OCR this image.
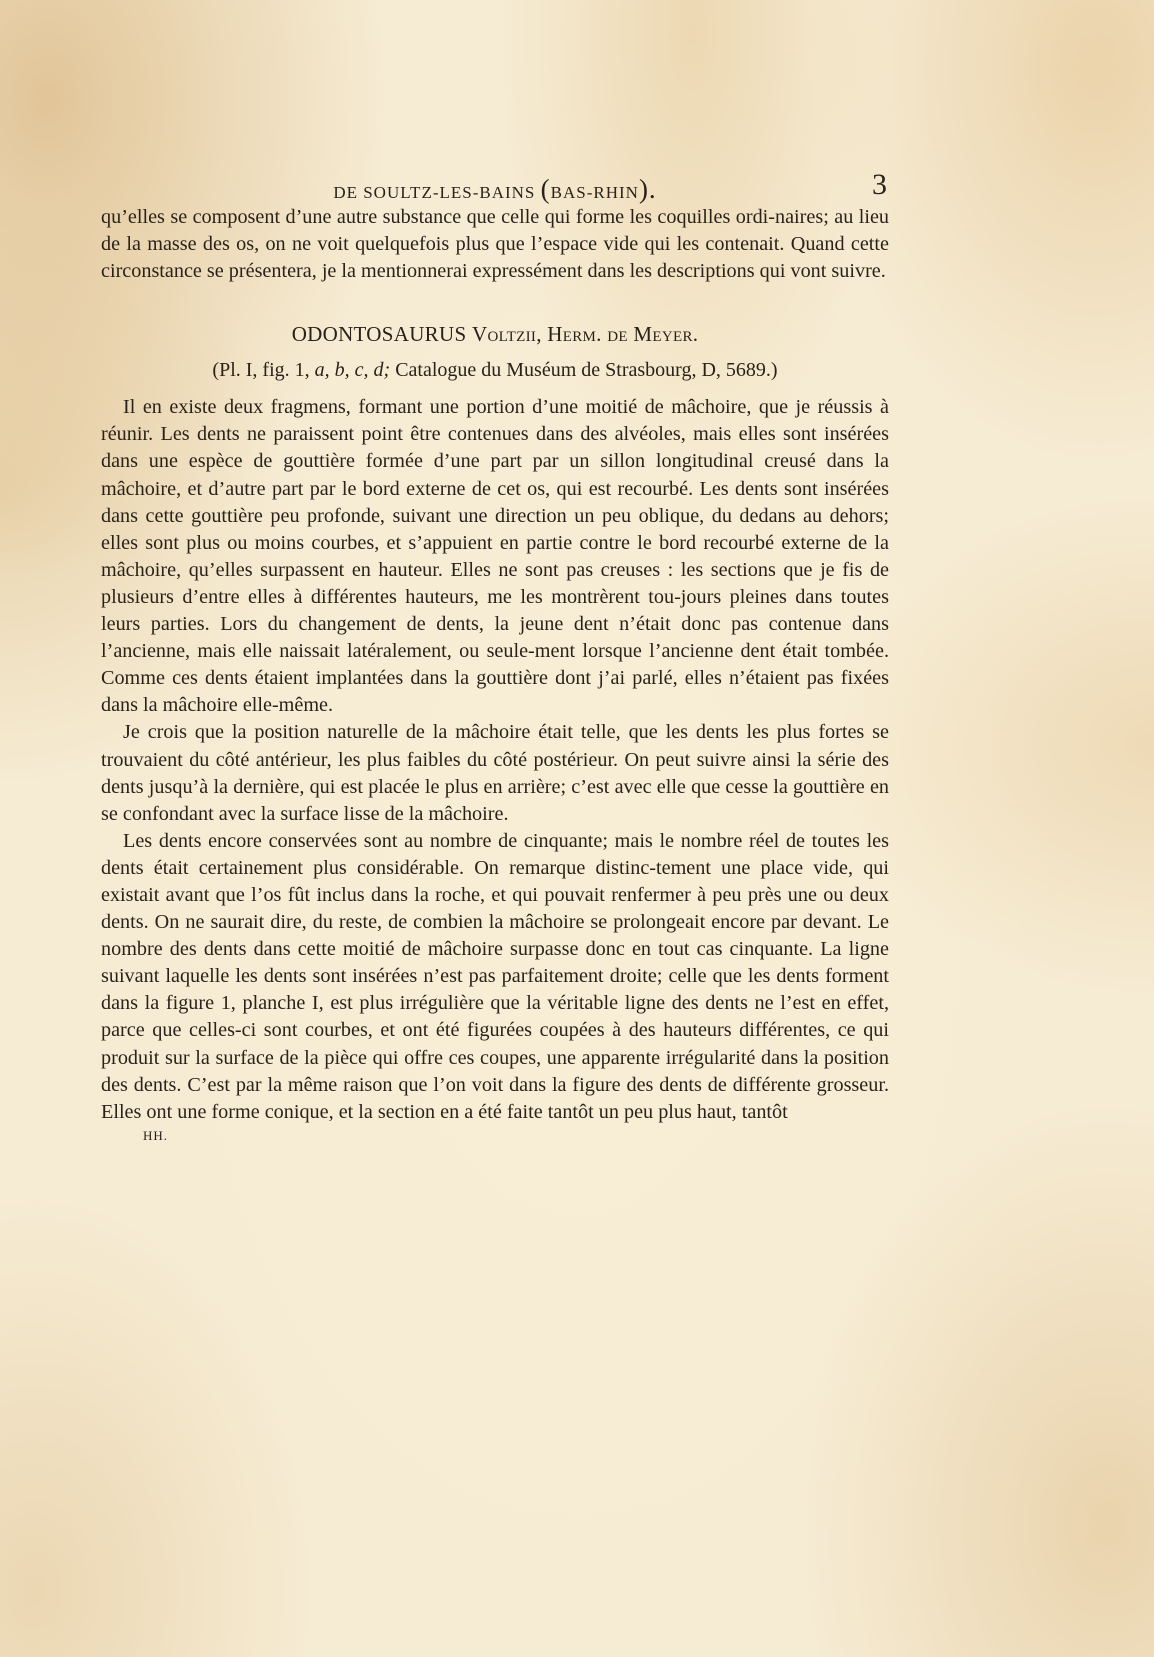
DE SOULTZ-LES-BAINS (BAS-RHIN).	3

qu’elles se composent d’une autre substance que celle qui forme les coquilles ordi-naires; au lieu de la masse des os, on ne voit quelquefois plus que l’espace vide qui les contenait. Quand cette circonstance se présentera, je la mentionnerai expressément dans les descriptions qui vont suivre.

ODONTOSAURUS Voltzii, Herm. de Meyer.
(Pl. I, fig. 1, a, b, c, d; Catalogue du Muséum de Strasbourg, D, 5689.)

Il en existe deux fragmens, formant une portion d’une moitié de mâchoire, que je réussis à réunir. Les dents ne paraissent point être contenues dans des alvéoles, mais elles sont insérées dans une espèce de gouttière formée d’une part par un sillon longitudinal creusé dans la mâchoire, et d’autre part par le bord externe de cet os, qui est recourbé. Les dents sont insérées dans cette gouttière peu profonde, suivant une direction un peu oblique, du dedans au dehors; elles sont plus ou moins courbes, et s’appuient en partie contre le bord recourbé externe de la mâchoire, qu’elles surpassent en hauteur. Elles ne sont pas creuses : les sections que je fis de plusieurs d’entre elles à différentes hauteurs, me les montrèrent tou-jours pleines dans toutes leurs parties. Lors du changement de dents, la jeune dent n’était donc pas contenue dans l’ancienne, mais elle naissait latéralement, ou seule-ment lorsque l’ancienne dent était tombée. Comme ces dents étaient implantées dans la gouttière dont j’ai parlé, elles n’étaient pas fixées dans la mâchoire elle-même.

Je crois que la position naturelle de la mâchoire était telle, que les dents les plus fortes se trouvaient du côté antérieur, les plus faibles du côté postérieur. On peut suivre ainsi la série des dents jusqu’à la dernière, qui est placée le plus en arrière; c’est avec elle que cesse la gouttière en se confondant avec la surface lisse de la mâchoire.

Les dents encore conservées sont au nombre de cinquante; mais le nombre réel de toutes les dents était certainement plus considérable. On remarque distinc-tement une place vide, qui existait avant que l’os fût inclus dans la roche, et qui pouvait renfermer à peu près une ou deux dents. On ne saurait dire, du reste, de combien la mâchoire se prolongeait encore par devant. Le nombre des dents dans cette moitié de mâchoire surpasse donc en tout cas cinquante. La ligne suivant laquelle les dents sont insérées n’est pas parfaitement droite; celle que les dents forment dans la figure 1, planche I, est plus irrégulière que la véritable ligne des dents ne l’est en effet, parce que celles-ci sont courbes, et ont été figurées coupées à des hauteurs différentes, ce qui produit sur la surface de la pièce qui offre ces coupes, une apparente irrégularité dans la position des dents. C’est par la même raison que l’on voit dans la figure des dents de différente grosseur. Elles ont une forme conique, et la section en a été faite tantôt un peu plus haut, tantôt

HH.
